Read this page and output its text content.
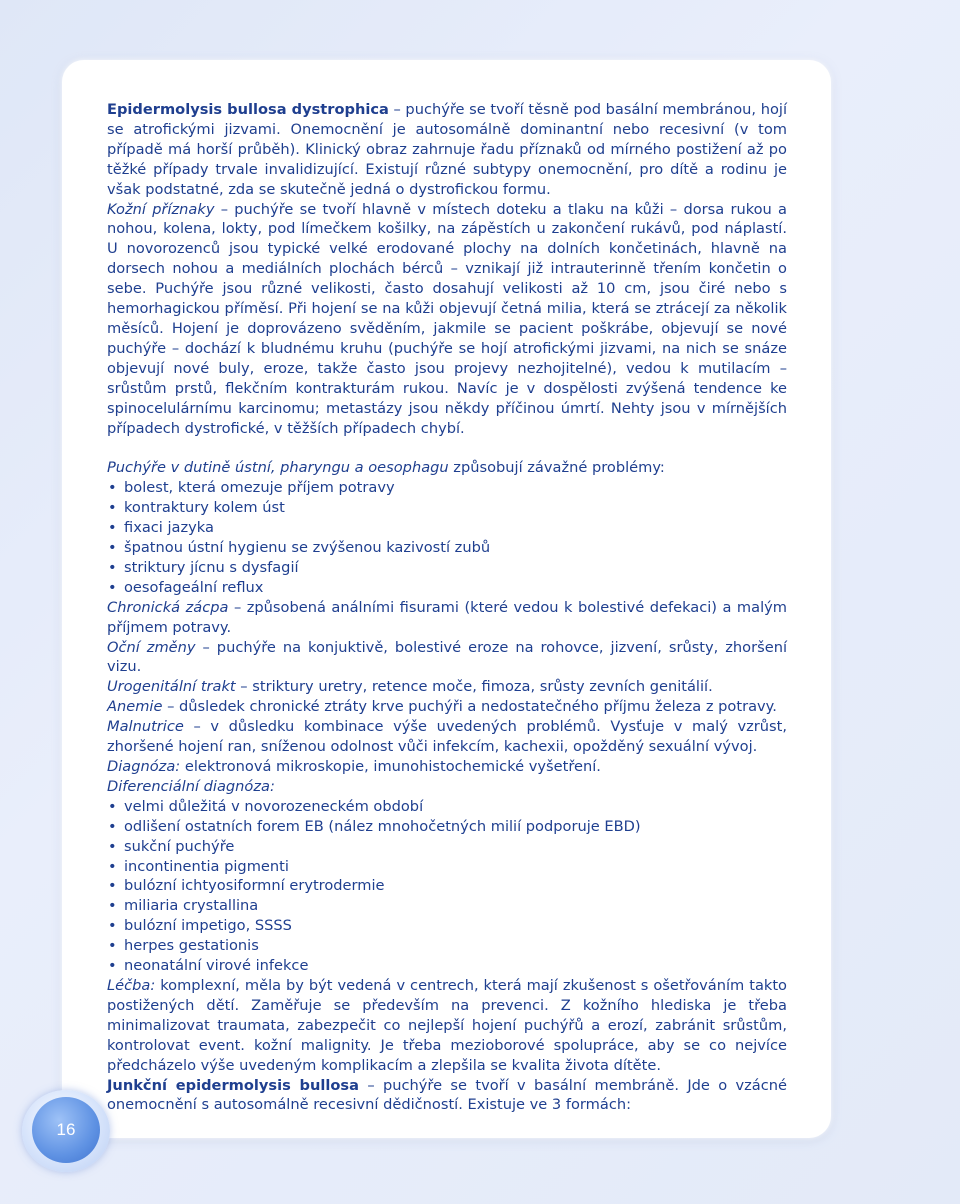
Epidermolysis bullosa dystrophica – puchýře se tvoří těsně pod basální membránou, hojí se atrofickými jizvami. Onemocnění je autosomálně dominantní nebo recesivní (v tom případě má horší průběh). Klinický obraz zahrnuje řadu příznaků od mírného postižení až po těžké případy trvale invalidizující. Existují různé subtypy onemocnění, pro dítě a rodinu je však podstatné, zda se skutečně jedná o dystrofickou formu.

Kožní příznaky – puchýře se tvoří hlavně v místech doteku a tlaku na kůži – dorsa rukou a nohou, kolena, lokty, pod límečkem košilky, na zápěstích u zakončení rukávů, pod náplastí. U novorozenců jsou typické velké erodované plochy na dolních končetinách, hlavně na dorsech nohou a mediálních plochách bérců – vznikají již intrauterinně třením končetin o sebe. Puchýře jsou různé velikosti, často dosahují velikosti až 10 cm, jsou čiré nebo s hemorhagickou příměsí. Při hojení se na kůži objevují četná milia, která se ztrácejí za několik měsíců. Hojení je doprovázeno svěděním, jakmile se pacient poškrábe, objevují se nové puchýře – dochází k bludnému kruhu (puchýře se hojí atrofickými jizvami, na nich se snáze objevují nové buly, eroze, takže často jsou projevy nezhojitelné), vedou k mutilacím – srůstům prstů, flekčním kontrakturám rukou. Navíc je v dospělosti zvýšená tendence ke spinocelulárnímu karcinomu; metastázy jsou někdy příčinou úmrtí. Nehty jsou v mírnějších případech dystrofické, v těžších případech chybí.

Puchýře v dutině ústní, pharyngu a oesophagu způsobují závažné problémy:

• bolest, která omezuje příjem potravy
• kontraktury kolem úst
• fixaci jazyka
• špatnou ústní hygienu se zvýšenou kazivostí zubů
• striktury jícnu s dysfagií
• oesofageální reflux

Chronická zácpa – způsobená análními fisurami (které vedou k bolestivé defekaci) a malým příjmem potravy.

Oční změny – puchýře na konjuktivě, bolestivé eroze na rohovce, jizvení, srůsty, zhoršení vizu.

Urogenitální trakt – striktury uretry, retence moče, fimoza, srůsty zevních genitálií.

Anemie – důsledek chronické ztráty krve puchýři a nedostatečného příjmu železa z potravy.

Malnutrice – v důsledku kombinace výše uvedených problémů. Vysťuje v malý vzrůst, zhoršené hojení ran, sníženou odolnost vůči infekcím, kachexii, opožděný sexuální vývoj.

Diagnóza: elektronová mikroskopie, imunohistochemické vyšetření.

Diferenciální diagnóza:

• velmi důležitá v novorozeneckém období
• odlišení ostatních forem EB (nález mnohočetných milií podporuje EBD)
• sukční puchýře
• incontinentia pigmenti
• bulózní ichtyosiformní erytrodermie
• miliaria crystallina
• bulózní impetigo, SSSS
• herpes gestationis
• neonatální virové infekce

Léčba: komplexní, měla by být vedená v centrech, která mají zkušenost s ošetřováním takto postižených dětí. Zaměřuje se především na prevenci. Z kožního hlediska je třeba minimalizovat traumata, zabezpečit co nejlepší hojení puchýřů a erozí, zabránit srůstům, kontrolovat event. kožní malignity. Je třeba mezioborové spolupráce, aby se co nejvíce předcházelo výše uvedeným komplikacím a zlepšila se kvalita života dítěte.

Junkční epidermolysis bullosa – puchýře se tvoří v basální membráně. Jde o vzácné onemocnění s autosomálně recesivní dědičností. Existuje ve 3 formách:

16
